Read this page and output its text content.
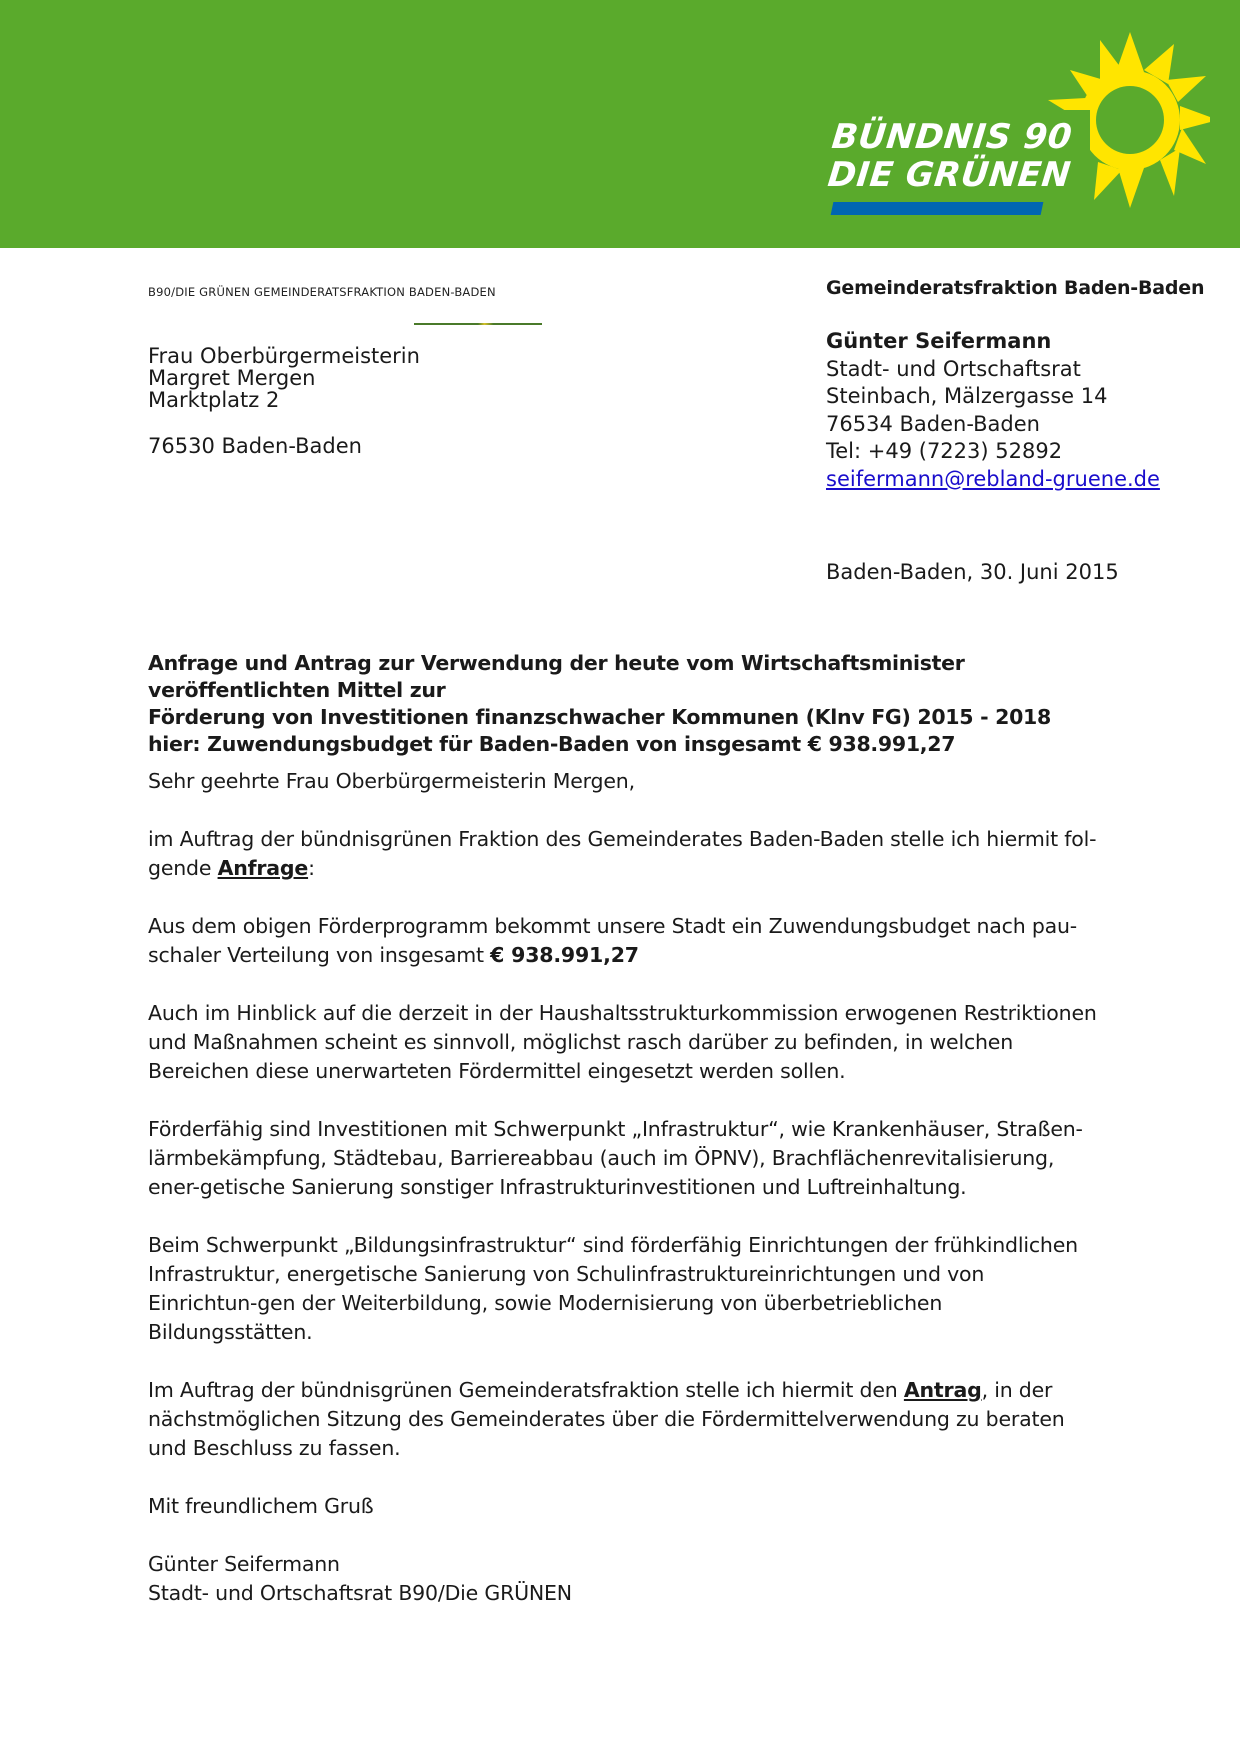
BÜNDNIS 90
DIE GRÜNEN
B90/DIE GRÜNEN GEMEINDERATSFRAKTION BADEN-BADEN
Frau Oberbürgermeisterin
Margret Mergen
Marktplatz 2
76530 Baden-Baden
Gemeinderatsfraktion Baden-Baden
Günter Seifermann
Stadt- und Ortschaftsrat
Steinbach, Mälzergasse 14
76534 Baden-Baden
Tel: +49 (7223) 52892
seifermann@rebland-gruene.de
Baden-Baden, 30. Juni 2015
Anfrage und Antrag zur Verwendung der heute vom Wirtschaftsminister veröffentlichten Mittel zur
Förderung von Investitionen finanzschwacher Kommunen (Klnv FG) 2015 - 2018
hier: Zuwendungsbudget für Baden-Baden von insgesamt € 938.991,27

Sehr geehrte Frau Oberbürgermeisterin Mergen,

im Auftrag der bündnisgrünen Fraktion des Gemeinderates Baden-Baden stelle ich hiermit fol-gende Anfrage:

Aus dem obigen Förderprogramm bekommt unsere Stadt ein Zuwendungsbudget nach pau-schaler Verteilung von insgesamt € 938.991,27

Auch im Hinblick auf die derzeit in der Haushaltsstrukturkommission erwogenen Restriktionen und Maßnahmen scheint es sinnvoll, möglichst rasch darüber zu befinden, in welchen Bereichen diese unerwarteten Fördermittel eingesetzt werden sollen.

Förderfähig sind Investitionen mit Schwerpunkt „Infrastruktur“, wie Krankenhäuser, Straßen-lärmbekämpfung, Städtebau, Barriereabbau (auch im ÖPNV), Brachflächenrevitalisierung, ener-getische Sanierung sonstiger Infrastrukturinvestitionen und Luftreinhaltung.

Beim Schwerpunkt „Bildungsinfrastruktur“ sind förderfähig Einrichtungen der frühkindlichen Infrastruktur, energetische Sanierung von Schulinfrastruktureinrichtungen und von Einrichtun-gen der Weiterbildung, sowie Modernisierung von überbetrieblichen Bildungsstätten.

Im Auftrag der bündnisgrünen Gemeinderatsfraktion stelle ich hiermit den Antrag, in der nächstmöglichen Sitzung des Gemeinderates über die Fördermittelverwendung zu beraten und Beschluss zu fassen.

Mit freundlichem Gruß

Günter Seifermann
Stadt- und Ortschaftsrat B90/Die GRÜNEN
